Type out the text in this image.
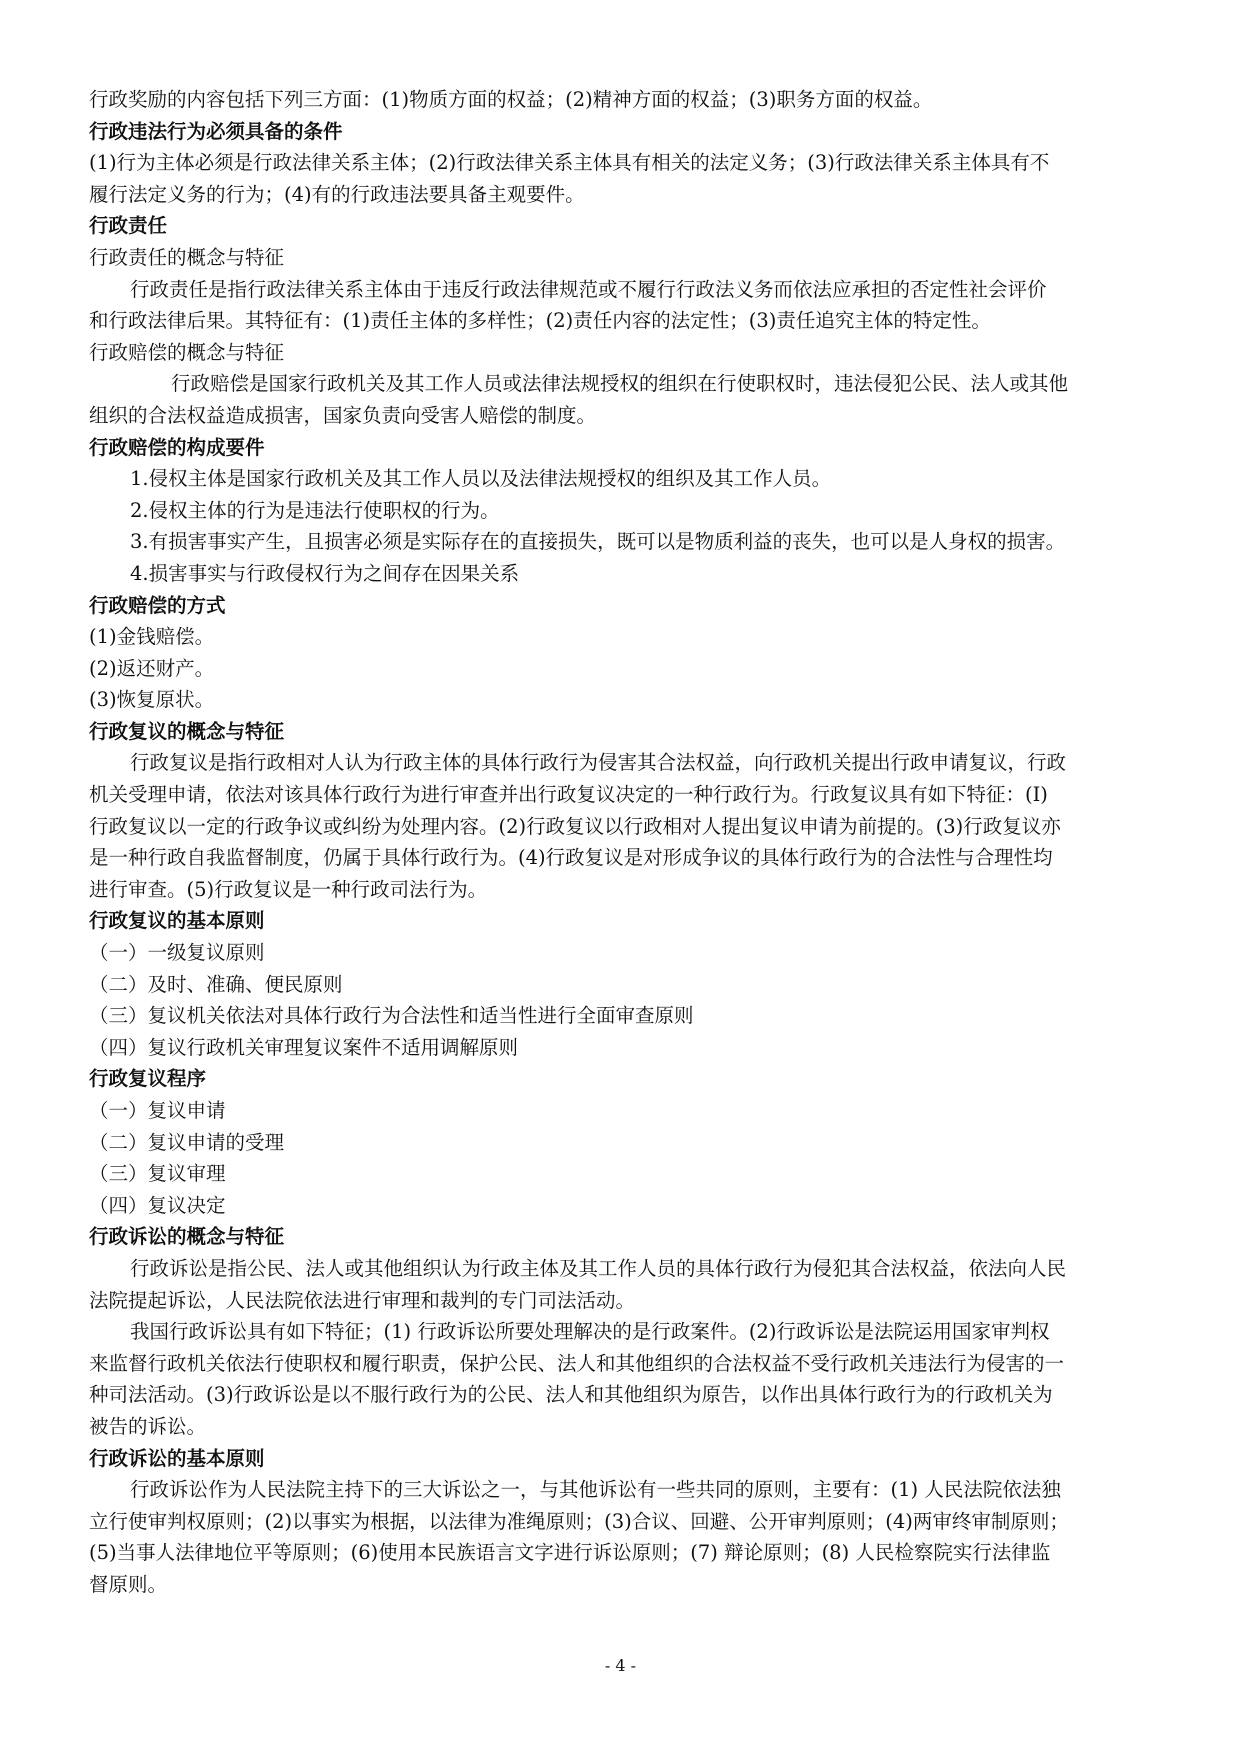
行政奖励的内容包括下列三方面：(1)物质方面的权益；(2)精神方面的权益；(3)职务方面的权益。

行政违法行为必须具备的条件

(1)行为主体必须是行政法律关系主体；(2)行政法律关系主体具有相关的法定义务；(3)行政法律关系主体具有不

履行法定义务的行为；(4)有的行政违法要具备主观要件。

行政责任

行政责任的概念与特征

行政责任是指行政法律关系主体由于违反行政法律规范或不履行行政法义务而依法应承担的否定性社会评价

和行政法律后果。其特征有：(1)责任主体的多样性；(2)责任内容的法定性；(3)责任追究主体的特定性。

行政赔偿的概念与特征

行政赔偿是国家行政机关及其工作人员或法律法规授权的组织在行使职权时，违法侵犯公民、法人或其他

组织的合法权益造成损害，国家负责向受害人赔偿的制度。

行政赔偿的构成要件

1.侵权主体是国家行政机关及其工作人员以及法律法规授权的组织及其工作人员。

2.侵权主体的行为是违法行使职权的行为。

3.有损害事实产生，且损害必须是实际存在的直接损失，既可以是物质利益的丧失，也可以是人身权的损害。

4.损害事实与行政侵权行为之间存在因果关系

行政赔偿的方式

(1)金钱赔偿。

(2)返还财产。

(3)恢复原状。

行政复议的概念与特征

行政复议是指行政相对人认为行政主体的具体行政行为侵害其合法权益，向行政机关提出行政申请复议，行政

机关受理申请，依法对该具体行政行为进行审查并出行政复议决定的一种行政行为。行政复议具有如下特征：(I)

行政复议以一定的行政争议或纠纷为处理内容。(2)行政复议以行政相对人提出复议申请为前提的。(3)行政复议亦

是一种行政自我监督制度，仍属于具体行政行为。(4)行政复议是对形成争议的具体行政行为的合法性与合理性均

进行审查。(5)行政复议是一种行政司法行为。

行政复议的基本原则

（一）一级复议原则

（二）及时、准确、便民原则

（三）复议机关依法对具体行政行为合法性和适当性进行全面审查原则

（四）复议行政机关审理复议案件不适用调解原则

行政复议程序

（一）复议申请

（二）复议申请的受理

（三）复议审理

（四）复议决定

行政诉讼的概念与特征

行政诉讼是指公民、法人或其他组织认为行政主体及其工作人员的具体行政行为侵犯其合法权益，依法向人民

法院提起诉讼，人民法院依法进行审理和裁判的专门司法活动。

我国行政诉讼具有如下特征；(1) 行政诉讼所要处理解决的是行政案件。(2)行政诉讼是法院运用国家审判权

来监督行政机关依法行使职权和履行职责，保护公民、法人和其他组织的合法权益不受行政机关违法行为侵害的一

种司法活动。(3)行政诉讼是以不服行政行为的公民、法人和其他组织为原告，以作出具体行政行为的行政机关为

被告的诉讼。

行政诉讼的基本原则

行政诉讼作为人民法院主持下的三大诉讼之一，与其他诉讼有一些共同的原则，主要有：(1) 人民法院依法独

立行使审判权原则；(2)以事实为根据，以法律为准绳原则；(3)合议、回避、公开审判原则；(4)两审终审制原则；

(5)当事人法律地位平等原则；(6)使用本民族语言文字进行诉讼原则；(7) 辩论原则；(8) 人民检察院实行法律监

督原则。

- 4 -
